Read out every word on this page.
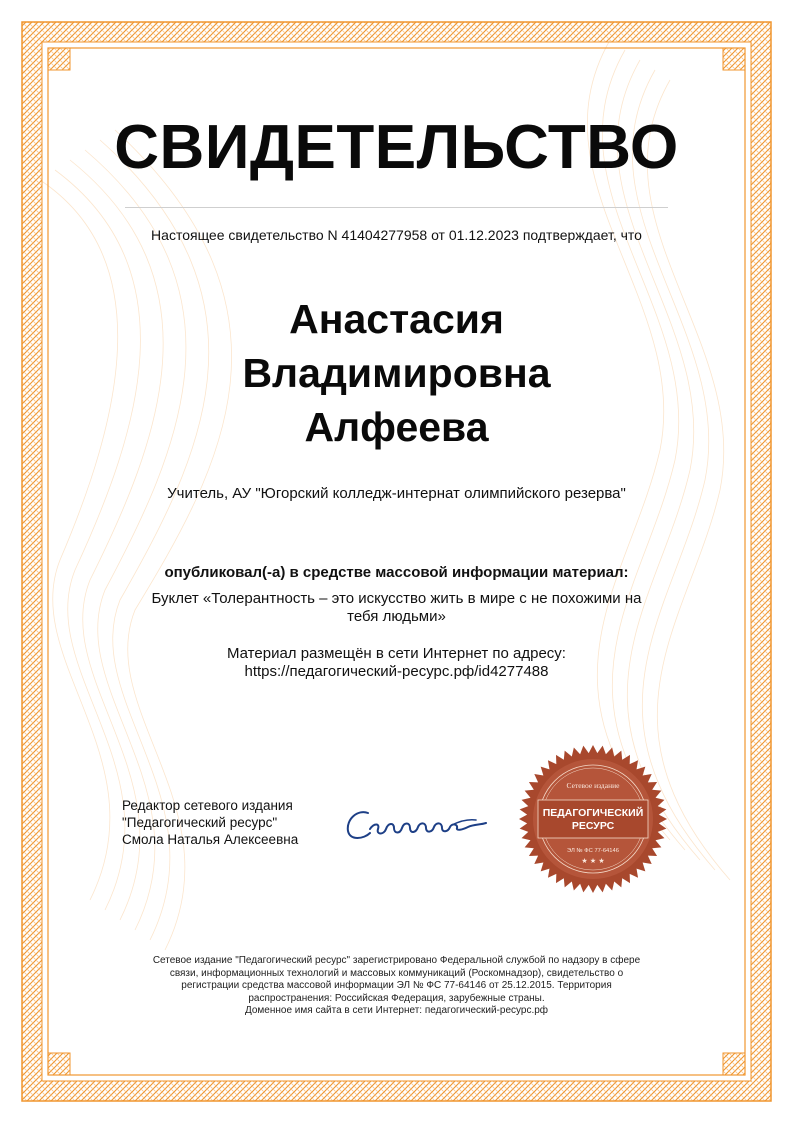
СВИДЕТЕЛЬСТВО
Настоящее свидетельство N 41404277958 от 01.12.2023 подтверждает, что
Анастасия
Владимировна
Алфеева
Учитель, АУ "Югорский колледж-интернат олимпийского резерва"
опубликовал(-а) в средстве массовой информации материал:
Буклет «Толерантность – это искусство жить в мире с не похожими на
тебя людьми»
Материал размещён в сети Интернет по адресу:
https://педагогический-ресурс.рф/id4277488
Редактор сетевого издания
"Педагогический ресурс"
Смола Наталья Алексеевна
Сетевое издание
ПЕДАГОГИЧЕСКИЙ
РЕСУРС
ЭЛ № ФС 77-64146
★ ★ ★
Сетевое издание "Педагогический ресурс" зарегистрировано Федеральной службой по надзору в сфере
связи, информационных технологий и массовых коммуникаций (Роскомнадзор), свидетельство о
регистрации средства массовой информации ЭЛ № ФС 77-64146 от 25.12.2015. Территория
распространения: Российская Федерация, зарубежные страны.
Доменное имя сайта в сети Интернет: педагогический-ресурс.рф
